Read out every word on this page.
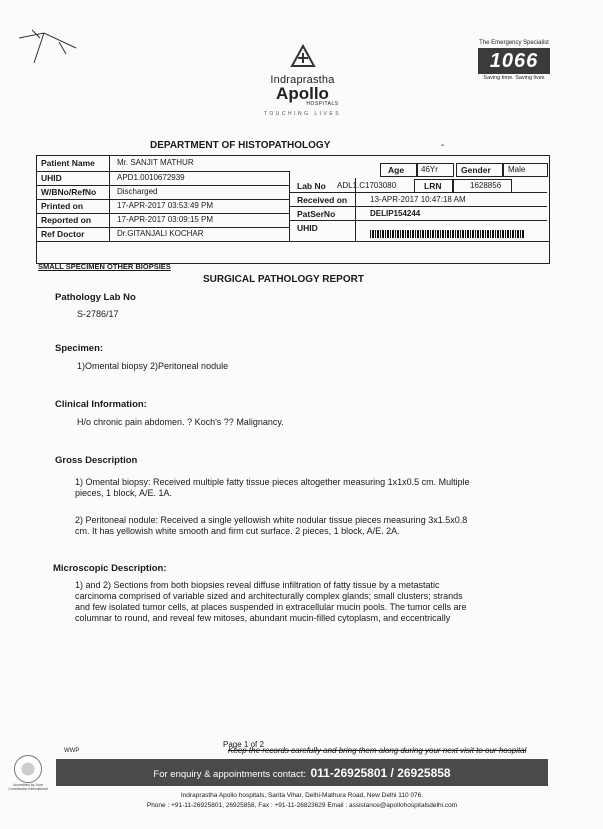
Indraprastha
Apollo
HOSPITALS
TOUCHING LIVES
The Emergency Specialist
1066
Saving time. Saving lives
DEPARTMENT OF HISTOPATHOLOGY	-
Patient Name	Mr. SANJIT MATHUR
Age 46Yr	Gender Male
UHID	APD1.0010672939
Lab No ADL1.C1703080	LRN	1628856
W/BNo/RefNo	Discharged
Received on	13-APR-2017 10:47:18 AM
Printed on	17-APR-2017 03:53:49 PM
PatSerNo	DELIP154244
Reported on	17-APR-2017 03:09:15 PM
UHID
Ref Doctor	Dr.GITANJALI KOCHAR
SMALL SPECIMEN OTHER BIOPSIES
SURGICAL PATHOLOGY REPORT
Pathology Lab No
S-2786/17
Specimen:
1)Omental biopsy 2)Peritoneal nodule
Clinical Information:
H/o chronic pain abdomen. ? Koch's ?? Malignancy.
Gross Description
1) Omental biopsy: Received multiple fatty tissue pieces altogether measuring 1x1x0.5 cm. Multiple
pieces, 1 block, A/E. 1A.
2) Peritoneal nodule: Received a single yellowish white nodular tissue pieces measuring 3x1.5x0.8
cm. It has yellowish white smooth and firm cut surface. 2 pieces, 1 block, A/E. 2A.
Microscopic Description:
1) and 2) Sections from both biopsies reveal diffuse infiltration of fatty tissue by a metastatic
carcinoma comprised of variable sized and architecturally complex glands; small clusters; strands
and few isolated tumor cells, at places suspended in extracellular mucin pools. The tumor cells are
columnar to round, and reveal few mitoses, abundant mucin-filled cytoplasm, and eccentrically
Page 1 of 2
Keep the records carefully and bring them along during your next visit to our hospital
WWP
Accredited by Joint Commission International
For enquiry & appointments contact: 011-26925801 / 26925858
Indraprastha Apollo hospitals, Sarita Vihar, Delhi-Mathura Road, New Delhi 110 076.
Phone : +91-11-26925801, 26925858, Fax : +91-11-26823629 Email : assistance@apollohospitalsdelhi.com
